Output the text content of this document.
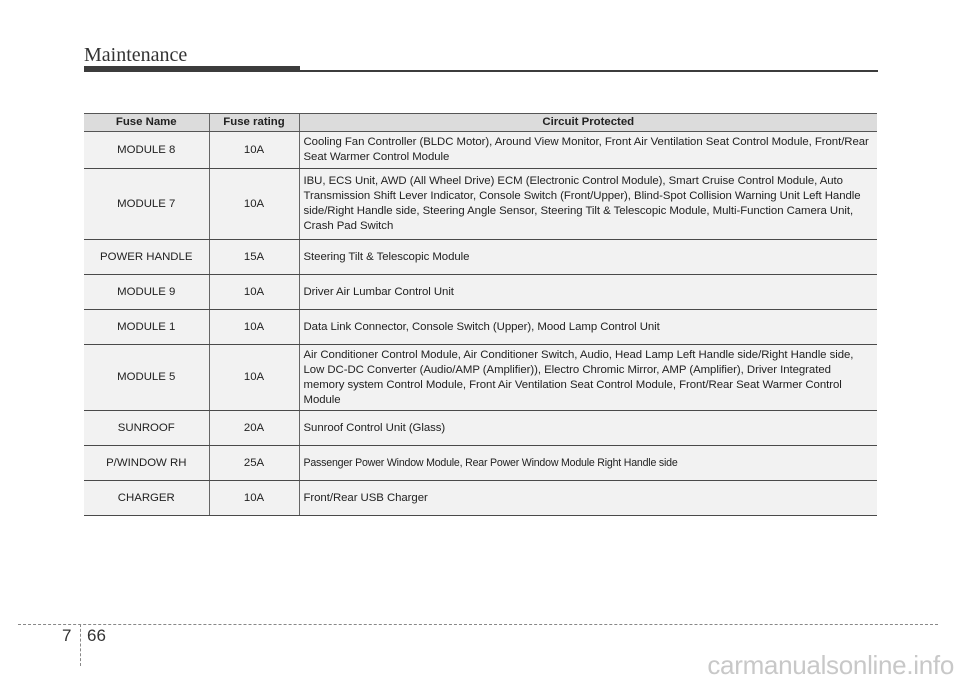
Maintenance
Fuse Name	Fuse rating	Circuit Protected
MODULE 8	10A	Cooling Fan Controller (BLDC Motor), Around View Monitor, Front Air Ventilation Seat Control Module, Front/Rear Seat Warmer Control Module
MODULE 7	10A	IBU, ECS Unit, AWD (All Wheel Drive) ECM (Electronic Control Module), Smart Cruise Control Module, Auto Transmission Shift Lever Indicator, Console Switch (Front/Upper), Blind-Spot Collision Warning Unit Left Handle side/Right Handle side, Steering Angle Sensor, Steering Tilt & Telescopic Module, Multi-Function Camera Unit, Crash Pad Switch
POWER HANDLE	15A	Steering Tilt & Telescopic Module
MODULE 9	10A	Driver Air Lumbar Control Unit
MODULE 1	10A	Data Link Connector, Console Switch (Upper), Mood Lamp Control Unit
MODULE 5	10A	Air Conditioner Control Module, Air Conditioner Switch, Audio, Head Lamp Left Handle side/Right Handle side, Low DC-DC Converter (Audio/AMP (Amplifier)), Electro Chromic Mirror, AMP (Amplifier), Driver Integrated memory system Control Module, Front Air Ventilation Seat Control Module, Front/Rear Seat Warmer Control Module
SUNROOF	20A	Sunroof Control Unit (Glass)
P/WINDOW RH	25A	Passenger Power Window Module, Rear Power Window Module Right Handle side
CHARGER	10A	Front/Rear USB Charger
7 66
carmanualsonline.info
